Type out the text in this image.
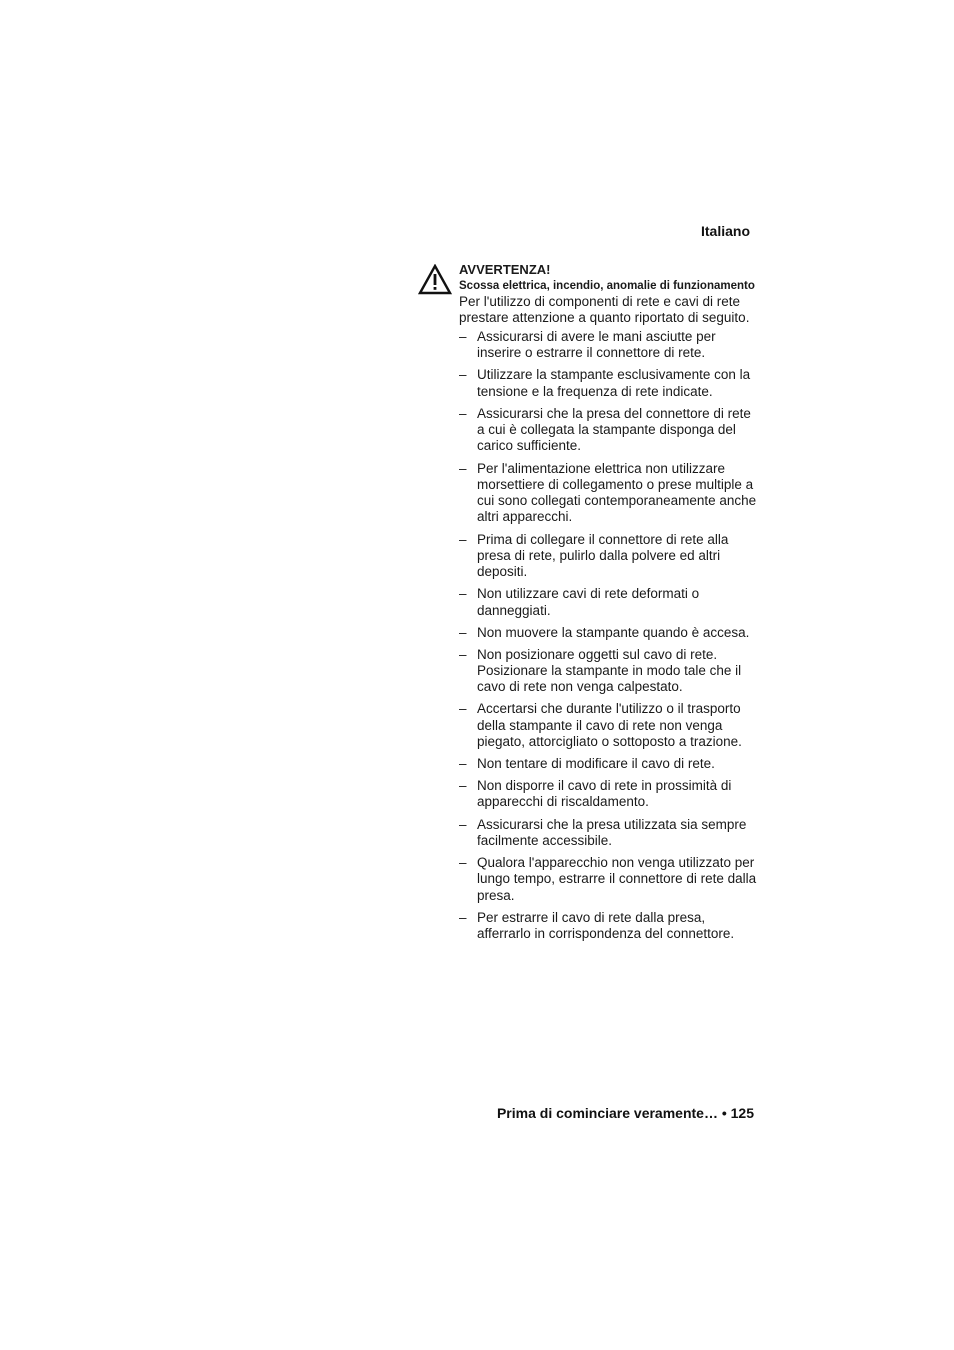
Italiano

AVVERTENZA!

Scossa elettrica, incendio, anomalie di funzionamento

Per l'utilizzo di componenti di rete e cavi di rete prestare attenzione a quanto riportato di seguito.

– Assicurarsi di avere le mani asciutte per inserire o estrarre il connettore di rete.
– Utilizzare la stampante esclusivamente con la tensione e la frequenza di rete indicate.
– Assicurarsi che la presa del connettore di rete a cui è collegata la stampante disponga del carico sufficiente.
– Per l'alimentazione elettrica non utilizzare morsettiere di collegamento o prese multiple a cui sono collegati contemporaneamente anche altri apparecchi.
– Prima di collegare il connettore di rete alla presa di rete, pulirlo dalla polvere ed altri depositi.
– Non utilizzare cavi di rete deformati o danneggiati.
– Non muovere la stampante quando è accesa.
– Non posizionare oggetti sul cavo di rete. Posizionare la stampante in modo tale che il cavo di rete non venga calpestato.
– Accertarsi che durante l'utilizzo o il trasporto della stampante il cavo di rete non venga piegato, attorcigliato o sottoposto a trazione.
– Non tentare di modificare il cavo di rete.
– Non disporre il cavo di rete in prossimità di apparecchi di riscaldamento.
– Assicurarsi che la presa utilizzata sia sempre facilmente accessibile.
– Qualora l'apparecchio non venga utilizzato per lungo tempo, estrarre il connettore di rete dalla presa.
– Per estrarre il cavo di rete dalla presa, afferrarlo in corrispondenza del connettore.
Prima di cominciare veramente… • 125
